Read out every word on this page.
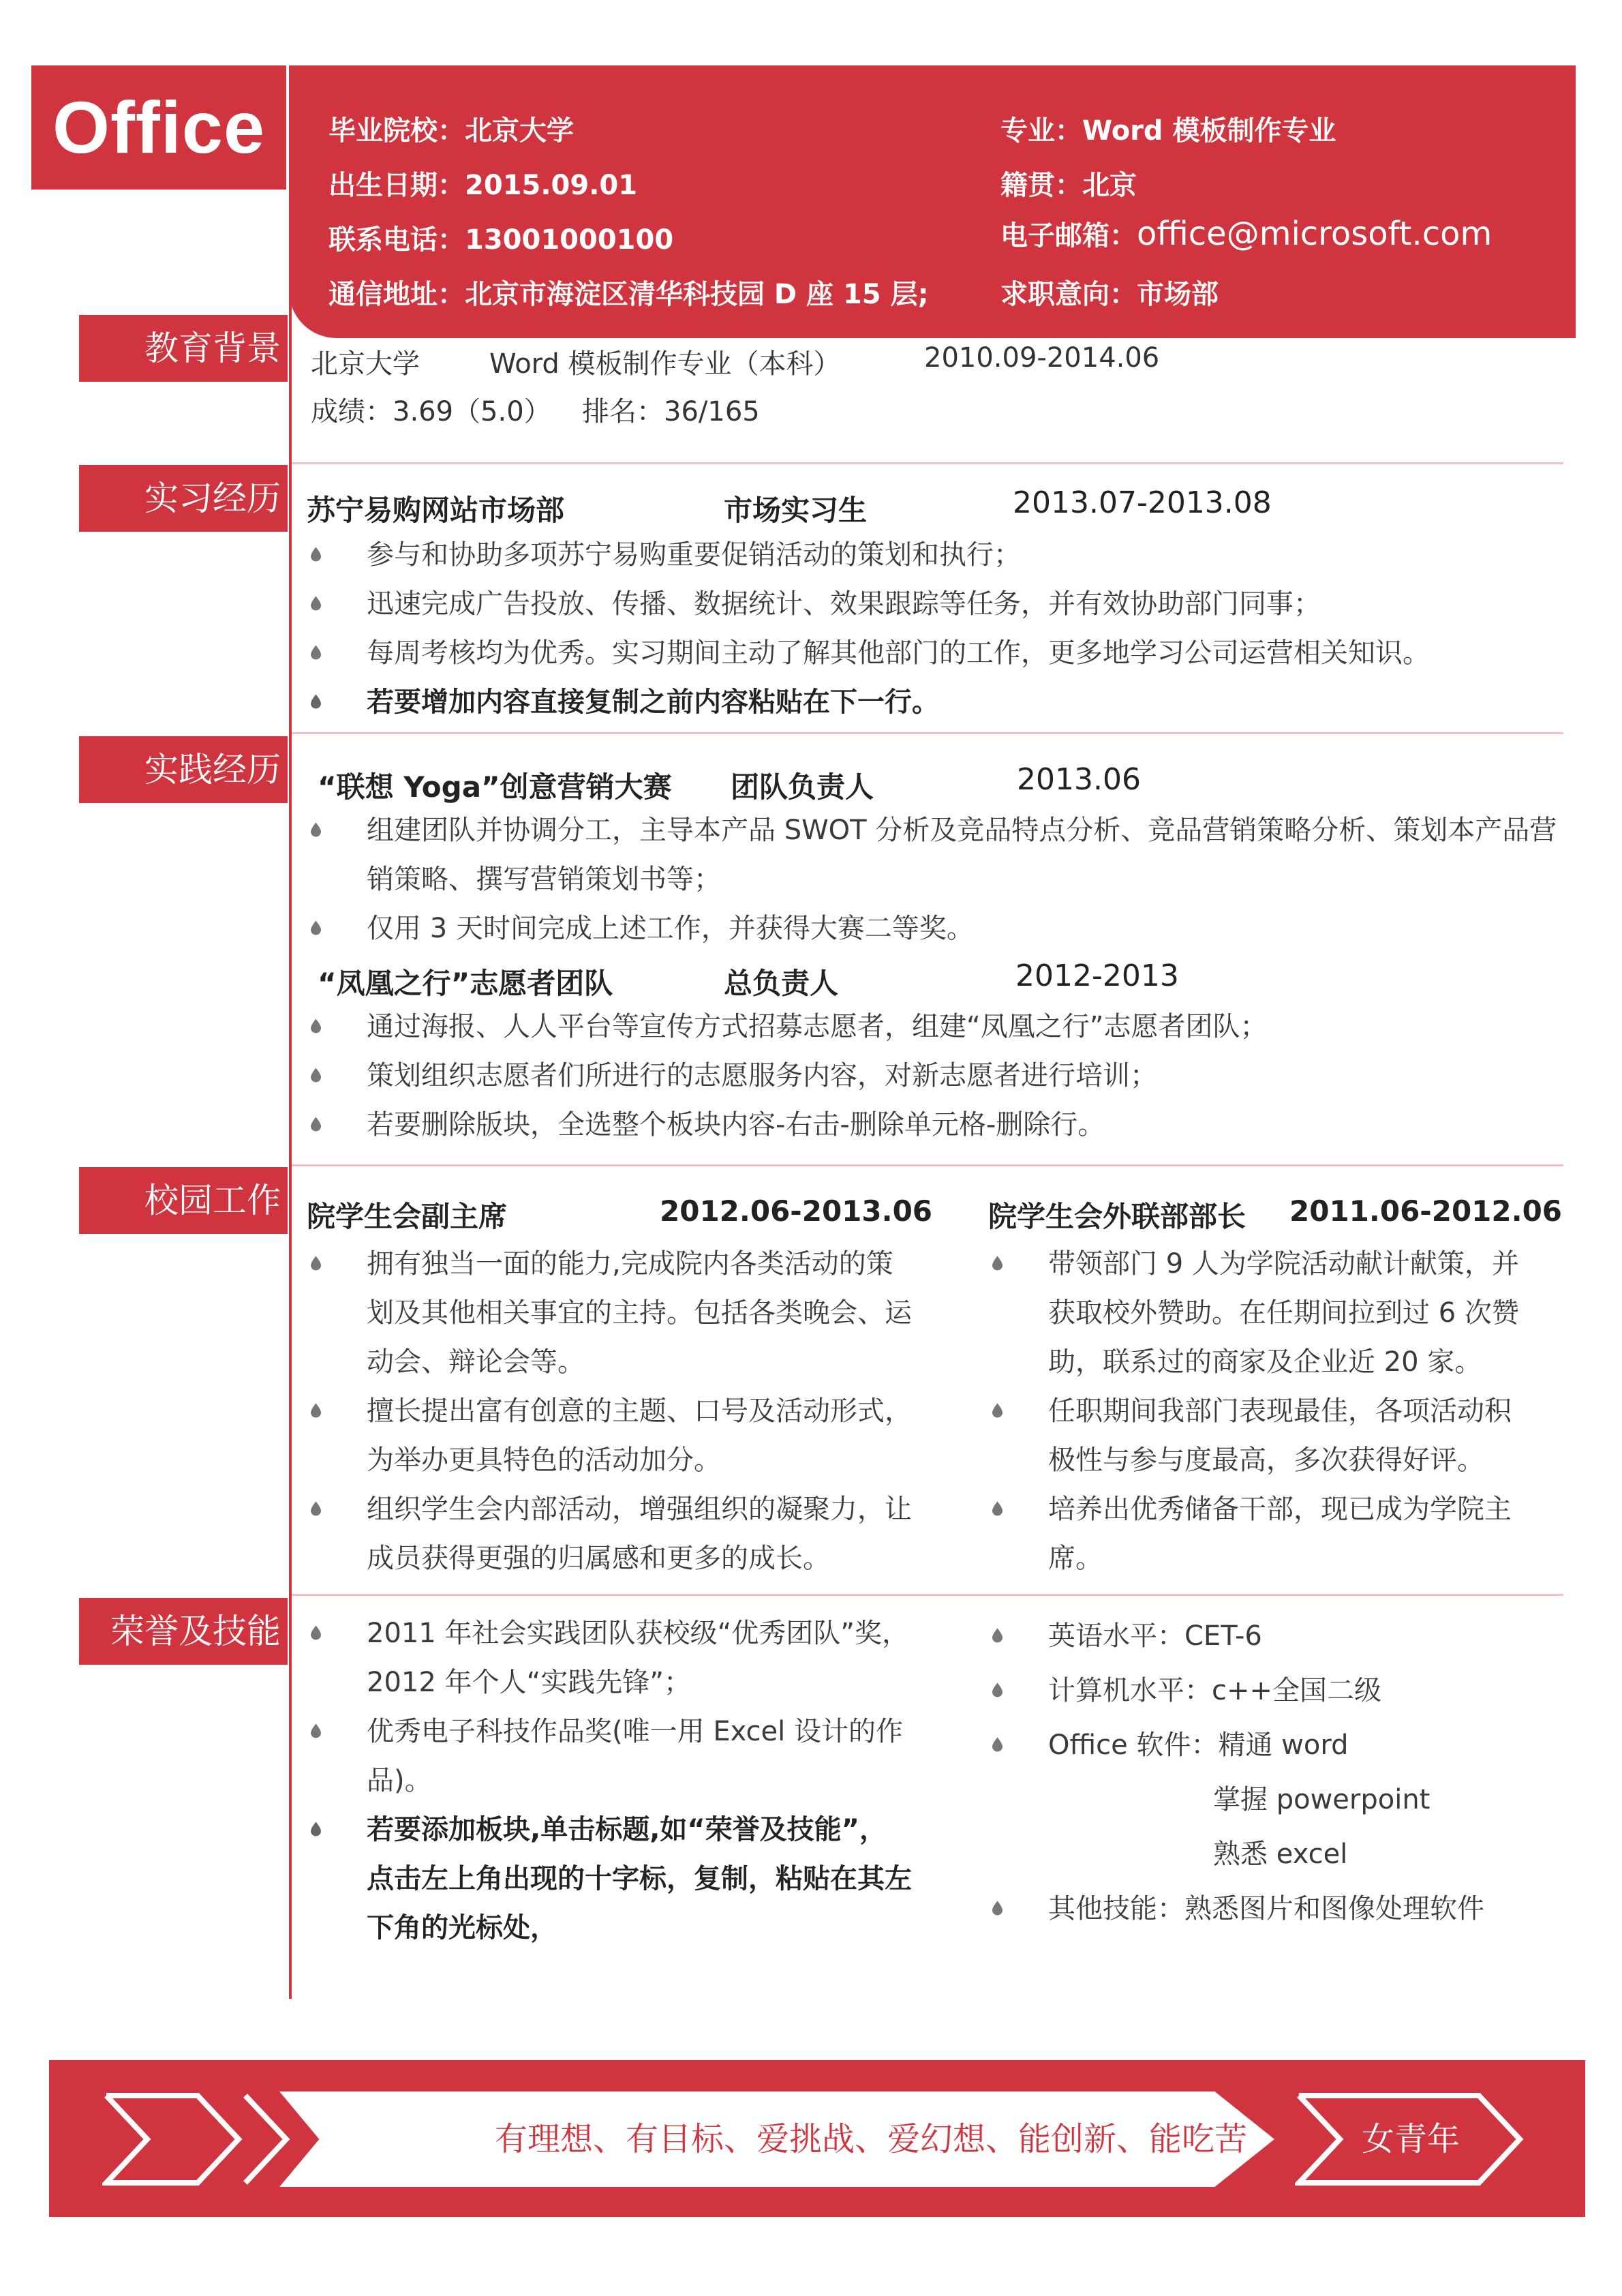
Office	毕业院校：北京大学	专业：Word 模板制作专业
出生日期：2015.09.01	籍贯：北京
联系电话：13001000100	电子邮箱：office@microsoft.com
通信地址：北京市海淀区清华科技园 D 座 15 层;	求职意向：市场部
教育背景 北京大学	Word 模板制作专业（本科）	2010.09-2014.06
成绩：3.69（5.0） 排名：36/165
实习经历 苏宁易购网站市场部	市场实习生	2013.07-2013.08
参与和协助多项苏宁易购重要促销活动的策划和执行；
迅速完成广告投放、传播、数据统计、效果跟踪等任务，并有效协助部门同事；
每周考核均为优秀。实习期间主动了解其他部门的工作，更多地学习公司运营相关知识。
若要增加内容直接复制之前内容粘贴在下一行。
实践经历 “联想 Yoga”创意营销大赛 团队负责人	2013.06
组建团队并协调分工，主导本产品 SWOT 分析及竞品特点分析、竞品营销策略分析、策划本产品营
销策略、撰写营销策划书等；
仅用 3 天时间完成上述工作，并获得大赛二等奖。
“凤凰之行”志愿者团队	总负责人	2012-2013
通过海报、人人平台等宣传方式招募志愿者，组建“凤凰之行”志愿者团队；
策划组织志愿者们所进行的志愿服务内容，对新志愿者进行培训；
若要删除版块，全选整个板块内容-右击-删除单元格-删除行。
校园工作 院学生会副主席	2012.06-2013.06 院学生会外联部部长 2011.06-2012.06
拥有独当一面的能力,完成院内各类活动的策
划及其他相关事宜的主持。包括各类晚会、运
动会、辩论会等。
擅长提出富有创意的主题、口号及活动形式，
为举办更具特色的活动加分。
组织学生会内部活动，增强组织的凝聚力，让
成员获得更强的归属感和更多的成长。
带领部门 9 人为学院活动献计献策，并
获取校外赞助。在任期间拉到过 6 次赞
助，联系过的商家及企业近 20 家。
任职期间我部门表现最佳，各项活动积
极性与参与度最高，多次获得好评。
培养出优秀储备干部，现已成为学院主
席。
荣誉及技能	2011 年社会实践团队获校级“优秀团队”奖，
2012 年个人“实践先锋”；
优秀电子科技作品奖(唯一用 Excel 设计的作
品)。
若要添加板块,单击标题,如“荣誉及技能”，
点击左上角出现的十字标，复制，粘贴在其左
下角的光标处，
英语水平：CET-6
计算机水平：c++全国二级
Office 软件：精通 word
掌握 powerpoint
熟悉 excel
其他技能：熟悉图片和图像处理软件
有理想、有目标、爱挑战、爱幻想、能创新、能吃苦	女青年
